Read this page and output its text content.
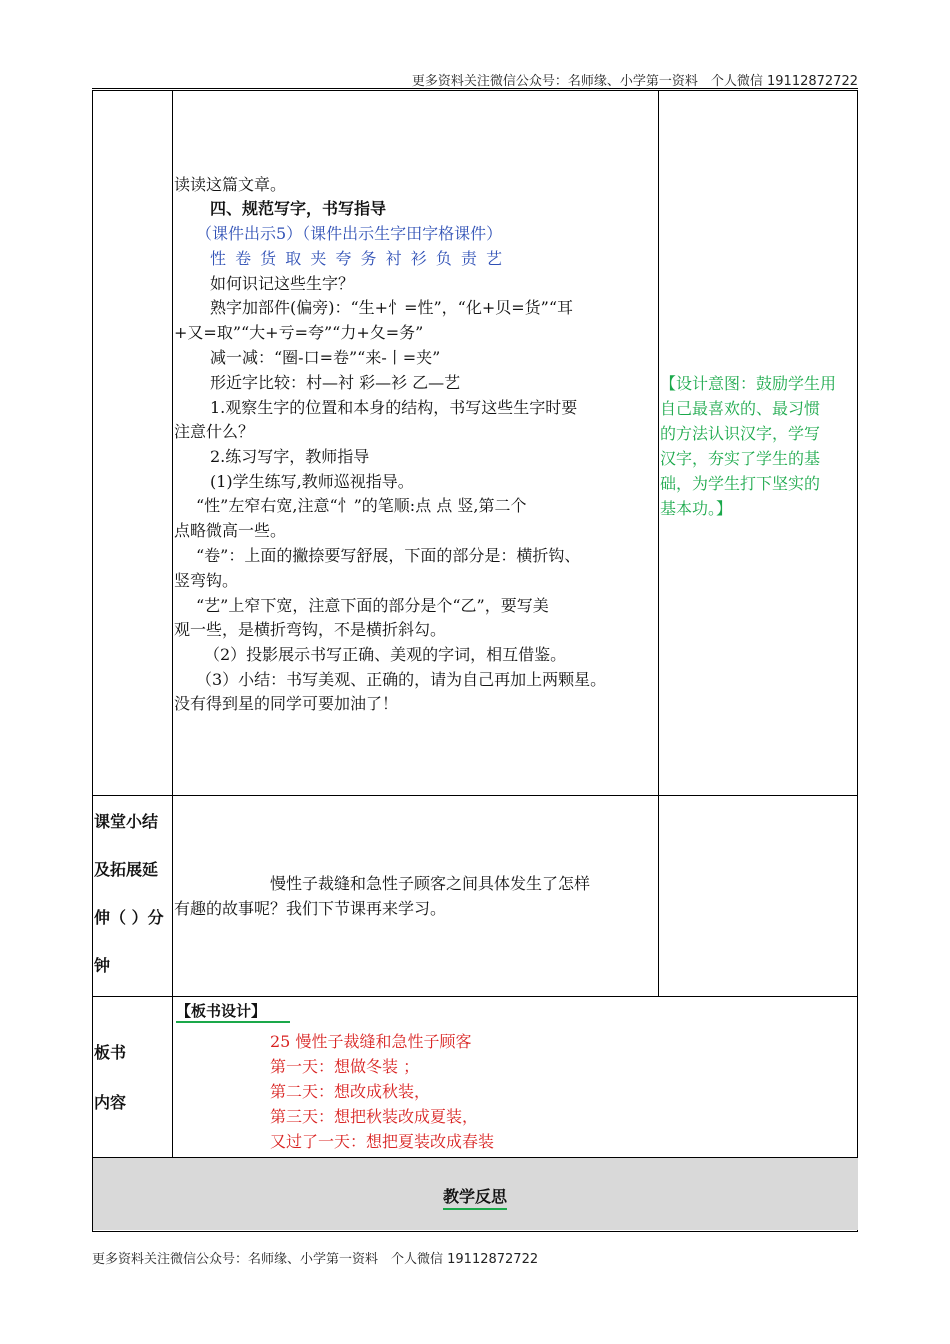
更多资料关注微信公众号：名师缘、小学第一资料　个人微信 19112872722
读读这篇文章。
四、规范写字，书写指导
（课件出示5）（课件出示生字田字格课件）
性 卷 货 取 夹 夸 务 衬 衫 负 责 艺
如何识记这些生字？
熟字加部件(偏旁)：“生+忄=性”，“化+贝=货”“耳
+又=取”“大+亏=夸”“力+夂=务”
减一减：“圈-口=卷”“来-丨=夹”
形近字比较：村—衬 彩—衫 乙—艺
1.观察生字的位置和本身的结构，书写这些生字时要
注意什么？
2.练习写字，教师指导
(1)学生练写,教师巡视指导。
“性”左窄右宽,注意“忄”的笔顺:点 点 竖,第二个
点略微高一些。
“卷”：上面的撇捺要写舒展，下面的部分是：横折钩、
竖弯钩。
“艺”上窄下宽，注意下面的部分是个“乙”，要写美
观一些，是横折弯钩，不是横折斜勾。
（2）投影展示书写正确、美观的字词，相互借鉴。
（3）小结：书写美观、正确的，请为自己再加上两颗星。
没有得到星的同学可要加油了！
【设计意图：鼓励学生用
自己最喜欢的、最习惯
的方法认识汉字，学写
汉字，夯实了学生的基
础，为学生打下坚实的
基本功。】
课堂小结
及拓展延
伸（ ）分
钟
慢性子裁缝和急性子顾客之间具体发生了怎样
有趣的故事呢？我们下节课再来学习。
板书
内容
【板书设计】
25 慢性子裁缝和急性子顾客
第一天：想做冬装 ；
第二天：想改成秋装，
第三天：想把秋装改成夏装，
又过了一天：想把夏装改成春装
教学反思
更多资料关注微信公众号：名师缘、小学第一资料　个人微信 19112872722
